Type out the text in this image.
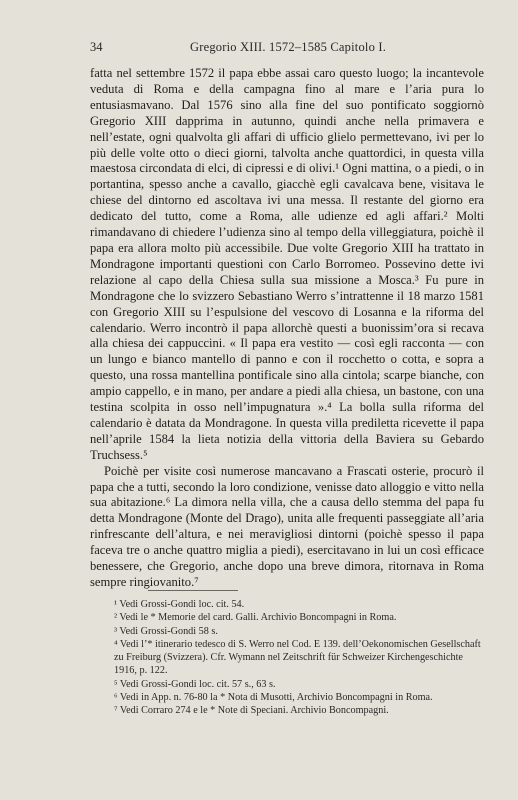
34	Gregorio XIII. 1572–1585 Capitolo I.

fatta nel settembre 1572 il papa ebbe assai caro questo luogo; la incantevole veduta di Roma e della campagna fino al mare e l’aria pura lo entusiasmavano. Dal 1576 sino alla fine del suo pontificato soggiornò Gregorio XIII dapprima in autunno, quindi anche nella primavera e nell’estate, ogni qualvolta gli affari di ufficio glielo permettevano, ivi per lo più delle volte otto o dieci giorni, talvolta anche quattordici, in questa villa maestosa circondata di elci, di cipressi e di olivi.¹ Ogni mattina, o a piedi, o in portantina, spesso anche a cavallo, giacchè egli cavalcava bene, visitava le chiese del dintorno ed ascoltava ivi una messa. Il restante del giorno era dedicato del tutto, come a Roma, alle udienze ed agli affari.² Molti rimandavano di chiedere l’udienza sino al tempo della villeggiatura, poichè il papa era allora molto più accessibile. Due volte Gregorio XIII ha trattato in Mondragone importanti questioni con Carlo Borromeo. Possevino dette ivi relazione al capo della Chiesa sulla sua missione a Mosca.³ Fu pure in Mondragone che lo svizzero Sebastiano Werro s’intrattenne il 18 marzo 1581 con Gregorio XIII su l’espulsione del vescovo di Losanna e la riforma del calendario. Werro incontrò il papa allorchè questi a buonissim’ora si recava alla chiesa dei cappuccini. « Il papa era vestito — così egli racconta — con un lungo e bianco mantello di panno e con il rocchetto o cotta, e sopra a questo, una rossa mantellina pontificale sino alla cintola; scarpe bianche, con ampio cappello, e in mano, per andare a piedi alla chiesa, un bastone, con una testina scolpita in osso nell’impugnatura ».⁴ La bolla sulla riforma del calendario è datata da Mondragone. In questa villa prediletta ricevette il papa nell’aprile 1584 la lieta notizia della vittoria della Baviera su Gebardo Truchsess.⁵

Poichè per visite così numerose mancavano a Frascati osterie, procurò il papa che a tutti, secondo la loro condizione, venisse dato alloggio e vitto nella sua abitazione.⁶ La dimora nella villa, che a causa dello stemma del papa fu detta Mondragone (Monte del Drago), unita alle frequenti passeggiate all’aria rinfrescante dell’altura, e nei meravigliosi dintorni (poichè spesso il papa faceva tre o anche quattro miglia a piedi), esercitavano in lui un così efficace benessere, che Gregorio, anche dopo una breve dimora, ritornava in Roma sempre ringiovanito.⁷

¹ Vedi Grossi-Gondi loc. cit. 54.

² Vedi le * Memorie del card. Galli. Archivio Boncompagni in Roma.

³ Vedi Grossi-Gondi 58 s.

⁴ Vedi l’* itinerario tedesco di S. Werro nel Cod. E 139. dell’Oekonomischen Gesellschaft zu Freiburg (Svizzera). Cfr. Wymann nel Zeitschrift für Schweizer Kirchengeschichte 1916, p. 122.

⁵ Vedi Grossi-Gondi loc. cit. 57 s., 63 s.

⁶ Vedi in App. n. 76-80 la * Nota di Musotti, Archivio Boncompagni in Roma.

⁷ Vedi Corraro 274 e le * Note di Speciani. Archivio Boncompagni.
